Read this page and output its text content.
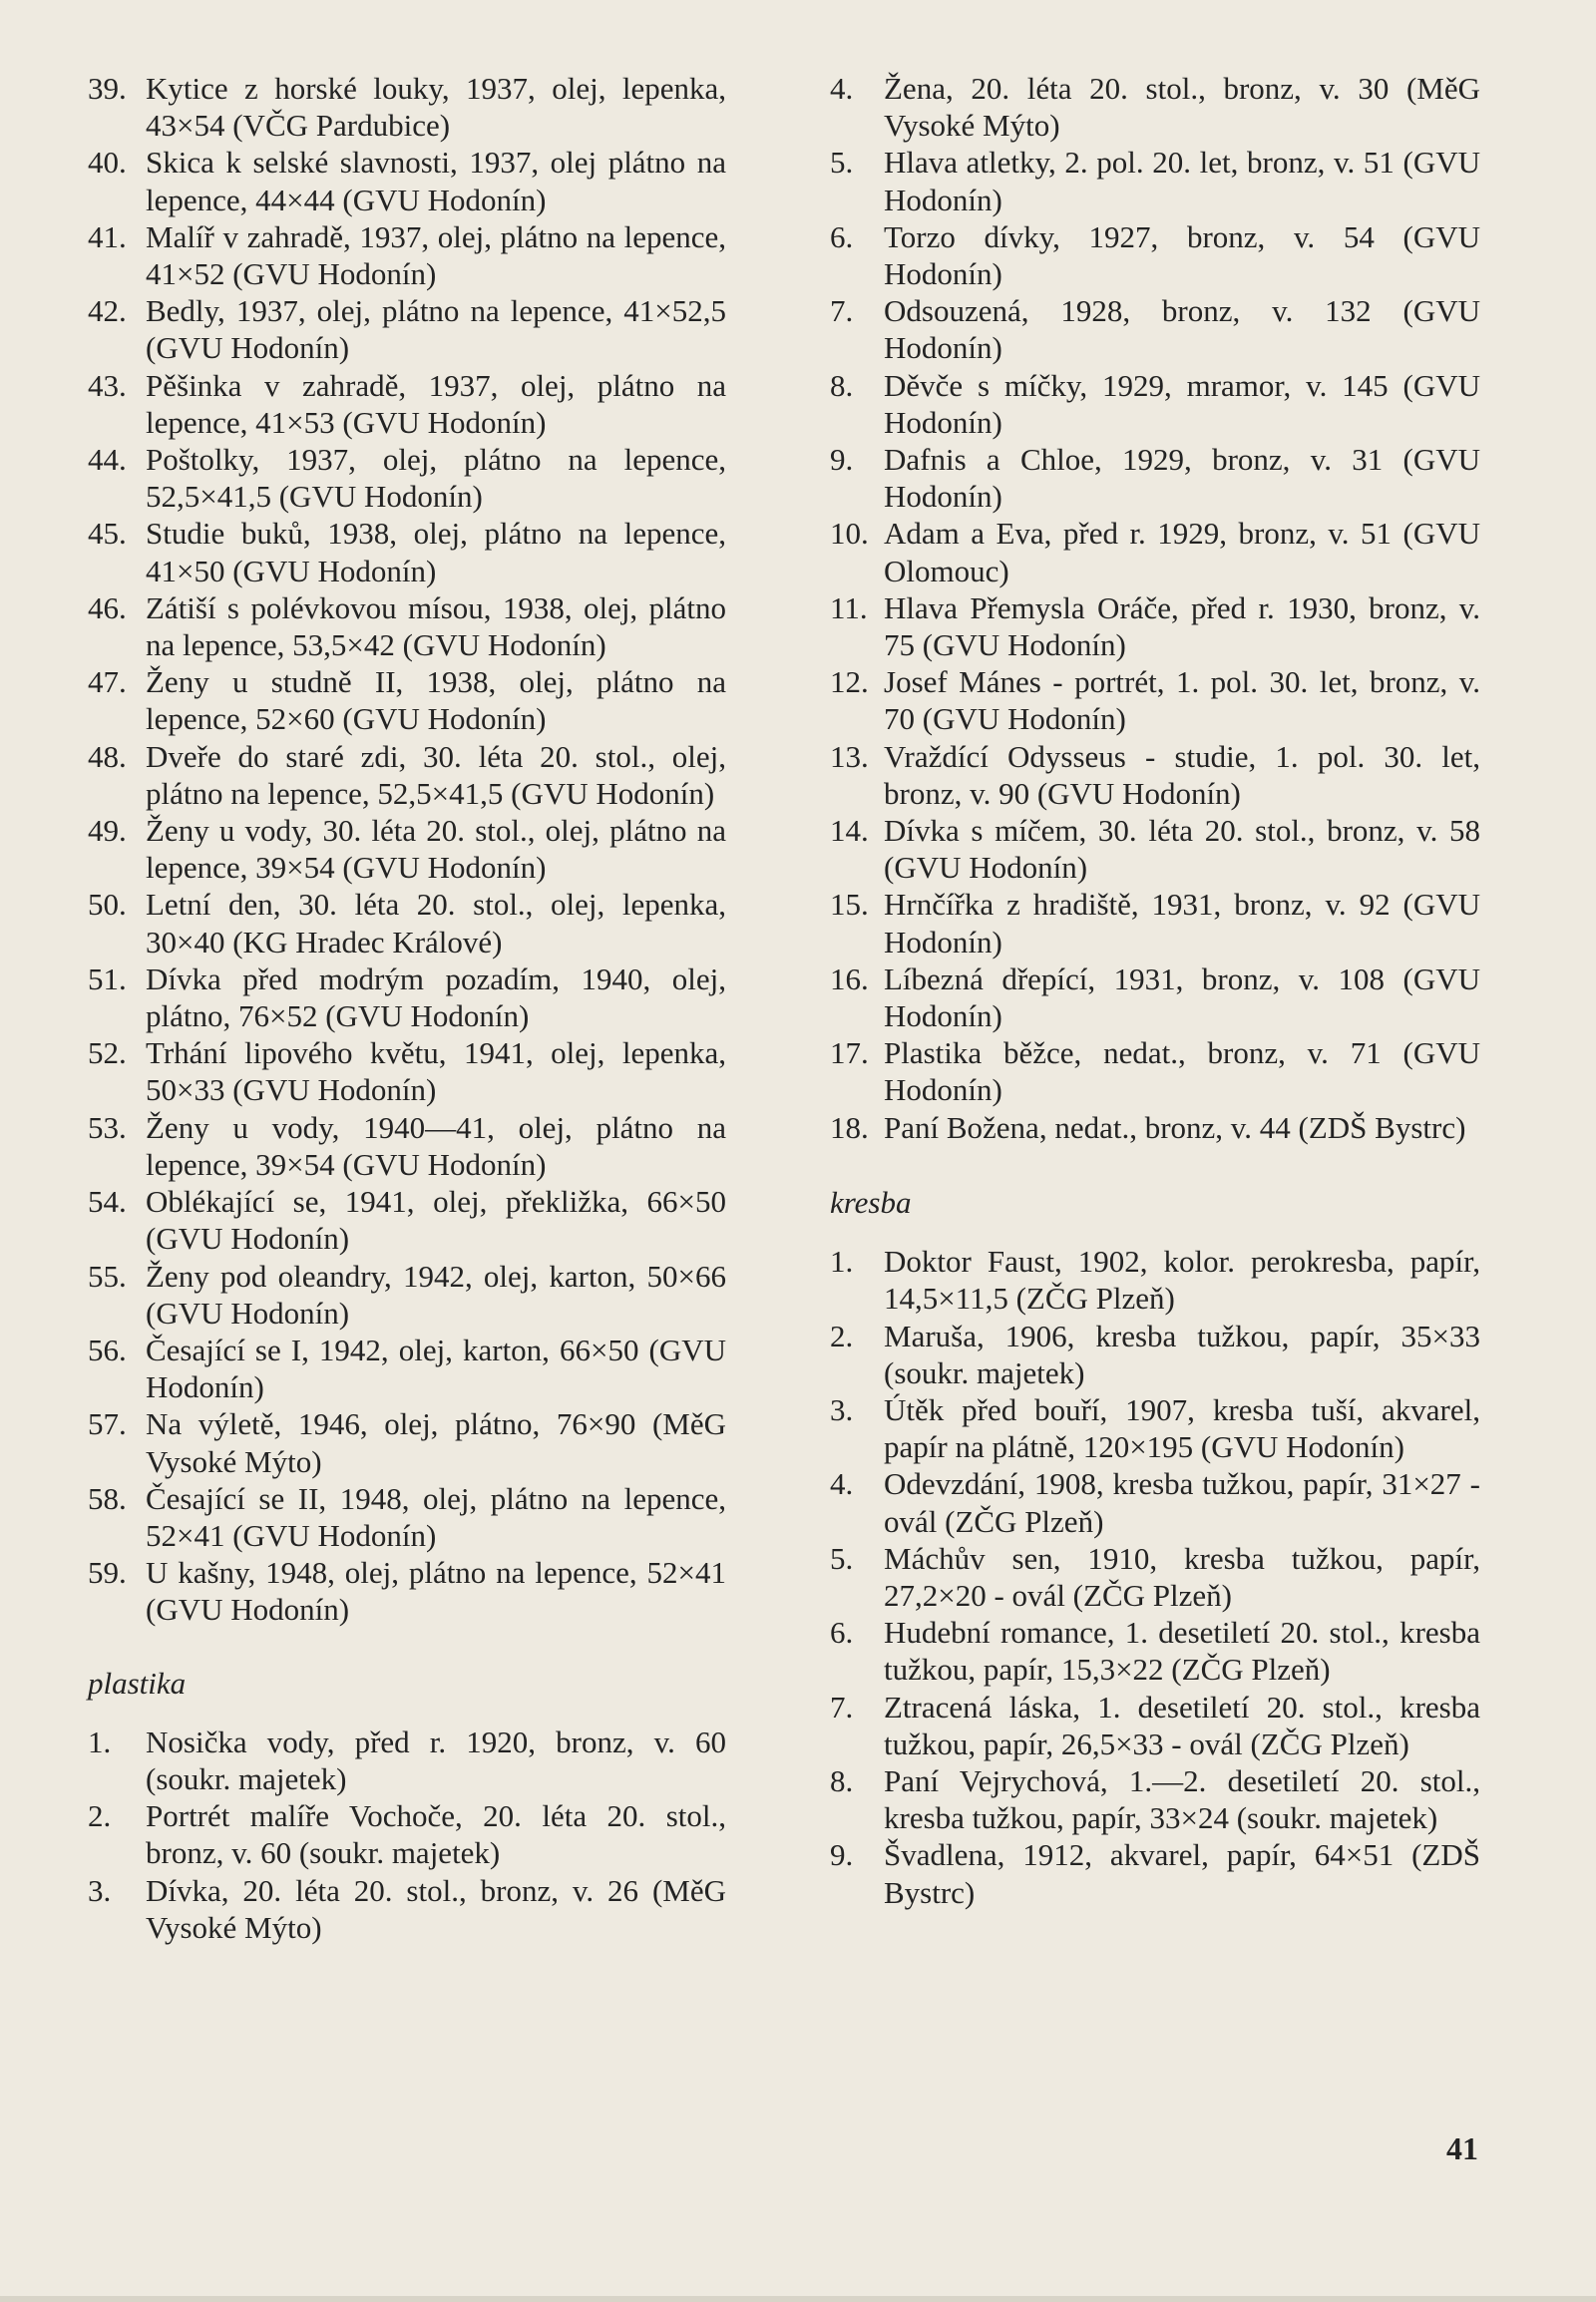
39. Kytice z horské louky, 1937, olej, lepenka, 43×54 (VČG Pardubice)
40. Skica k selské slavnosti, 1937, olej plátno na lepence, 44×44 (GVU Hodonín)
41. Malíř v zahradě, 1937, olej, plátno na lepence, 41×52 (GVU Hodonín)
42. Bedly, 1937, olej, plátno na lepence, 41×52,5 (GVU Hodonín)
43. Pěšinka v zahradě, 1937, olej, plátno na lepence, 41×53 (GVU Hodonín)
44. Poštolky, 1937, olej, plátno na lepence, 52,5×41,5 (GVU Hodonín)
45. Studie buků, 1938, olej, plátno na lepence, 41×50 (GVU Hodonín)
46. Zátiší s polévkovou mísou, 1938, olej, plátno na lepence, 53,5×42 (GVU Hodonín)
47. Ženy u studně II, 1938, olej, plátno na lepence, 52×60 (GVU Hodonín)
48. Dveře do staré zdi, 30. léta 20. stol., olej, plátno na lepence, 52,5×41,5 (GVU Hodonín)
49. Ženy u vody, 30. léta 20. stol., olej, plátno na lepence, 39×54 (GVU Hodonín)
50. Letní den, 30. léta 20. stol., olej, lepenka, 30×40 (KG Hradec Králové)
51. Dívka před modrým pozadím, 1940, olej, plátno, 76×52 (GVU Hodonín)
52. Trhání lipového květu, 1941, olej, lepenka, 50×33 (GVU Hodonín)
53. Ženy u vody, 1940—41, olej, plátno na lepence, 39×54 (GVU Hodonín)
54. Oblékající se, 1941, olej, překližka, 66×50 (GVU Hodonín)
55. Ženy pod oleandry, 1942, olej, karton, 50×66 (GVU Hodonín)
56. Česající se I, 1942, olej, karton, 66×50 (GVU Hodonín)
57. Na výletě, 1946, olej, plátno, 76×90 (MěG Vysoké Mýto)
58. Česající se II, 1948, olej, plátno na lepence, 52×41 (GVU Hodonín)
59. U kašny, 1948, olej, plátno na lepence, 52×41 (GVU Hodonín)
plastika
1.	Nosička vody, před r. 1920, bronz, v. 60 (soukr. majetek)
2.	Portrét malíře Vochoče, 20. léta 20. stol., bronz, v. 60 (soukr. majetek)
3.	Dívka, 20. léta 20. stol., bronz, v. 26 (MěG Vysoké Mýto)
4. Žena, 20. léta 20. stol., bronz, v. 30 (MěG Vysoké Mýto)
5. Hlava atletky, 2. pol. 20. let, bronz, v. 51 (GVU Hodonín)
6. Torzo dívky, 1927, bronz, v. 54 (GVU Hodonín)
7. Odsouzená, 1928, bronz, v. 132 (GVU Hodonín)
8. Děvče s míčky, 1929, mramor, v. 145 (GVU Hodonín)
9. Dafnis a Chloe, 1929, bronz, v. 31 (GVU Hodonín)
10. Adam a Eva, před r. 1929, bronz, v. 51 (GVU Olomouc)
11. Hlava Přemysla Oráče, před r. 1930, bronz, v. 75 (GVU Hodonín)
12. Josef Mánes - portrét, 1. pol. 30. let, bronz, v. 70 (GVU Hodonín)
13. Vraždící Odysseus - studie, 1. pol. 30. let, bronz, v. 90 (GVU Hodonín)
14. Dívka s míčem, 30. léta 20. stol., bronz, v. 58 (GVU Hodonín)
15. Hrnčířka z hradiště, 1931, bronz, v. 92 (GVU Hodonín)
16. Líbezná dřepící, 1931, bronz, v. 108 (GVU Hodonín)
17. Plastika běžce, nedat., bronz, v. 71 (GVU Hodonín)
18. Paní Božena, nedat., bronz, v. 44 (ZDŠ Bystrc)
kresba
1. Doktor Faust, 1902, kolor. perokresba, papír, 14,5×11,5 (ZČG Plzeň)
2. Maruša, 1906, kresba tužkou, papír, 35×33 (soukr. majetek)
3. Útěk před bouří, 1907, kresba tuší, akvarel, papír na plátně, 120×195 (GVU Hodonín)
4. Odevzdání, 1908, kresba tužkou, papír, 31×27 - ovál (ZČG Plzeň)
5. Máchův sen, 1910, kresba tužkou, papír, 27,2×20 - ovál (ZČG Plzeň)
6. Hudební romance, 1. desetiletí 20. stol., kresba tužkou, papír, 15,3×22 (ZČG Plzeň)
7. Ztracená láska, 1. desetiletí 20. stol., kresba tužkou, papír, 26,5×33 - ovál (ZČG Plzeň)
8. Paní Vejrychová, 1.—2. desetiletí 20. stol., kresba tužkou, papír, 33×24 (soukr. majetek)
9. Švadlena, 1912, akvarel, papír, 64×51 (ZDŠ Bystrc)
41
